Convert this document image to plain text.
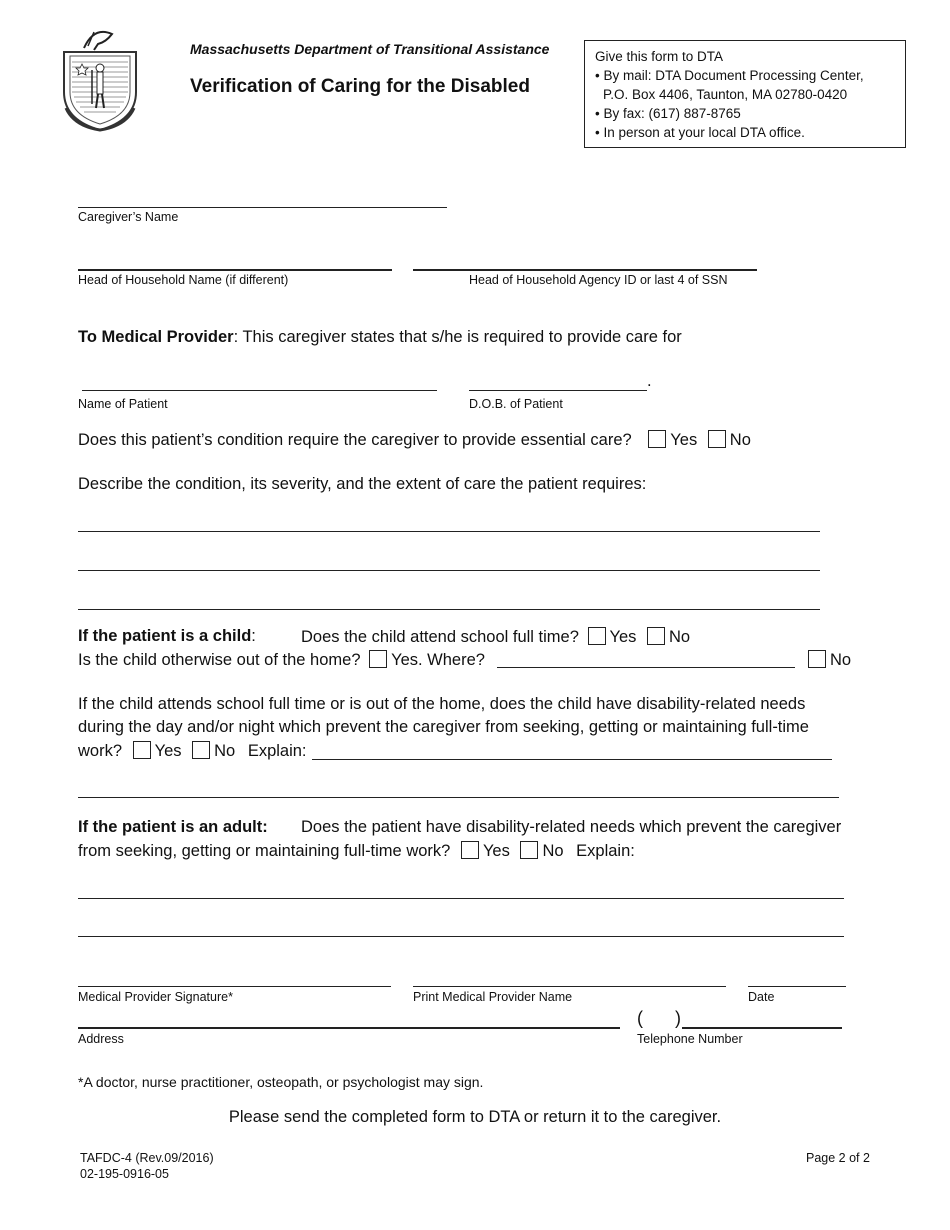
Massachusetts Department of Transitional Assistance
Verification of Caring for the Disabled
Give this form to DTA
• By mail: DTA Document Processing Center,
P.O. Box 4406, Taunton, MA 02780-0420
• By fax: (617) 887-8765
• In person at your local DTA office.
Caregiver’s Name
Head of Household Name (if different)	Head of Household Agency ID or last 4 of SSN
To Medical Provider: This caregiver states that s/he is required to provide care for
.
Name of Patient	D.O.B. of Patient
Does this patient’s condition require the caregiver to provide essential care? Yes No
Describe the condition, its severity, and the extent of care the patient requires:
If the patient is a child:	Does the child attend school full time? Yes No
Is the child otherwise out of the home? Yes. Where?	No
If the child attends school full time or is out of the home, does the child have disability-related needs
during the day and/or night which prevent the caregiver from seeking, getting or maintaining full-time
work? Yes No Explain:
If the patient is an adult: Does the patient have disability-related needs which prevent the caregiver
from seeking, getting or maintaining full-time work? Yes No Explain:
Medical Provider Signature*	Print Medical Provider Name	Date
( )
Address	Telephone Number
*A doctor, nurse practitioner, osteopath, or psychologist may sign.
Please send the completed form to DTA or return it to the caregiver.
TAFDC-4 (Rev.09/2016)
02-195-0916-05
Page 2 of 2
